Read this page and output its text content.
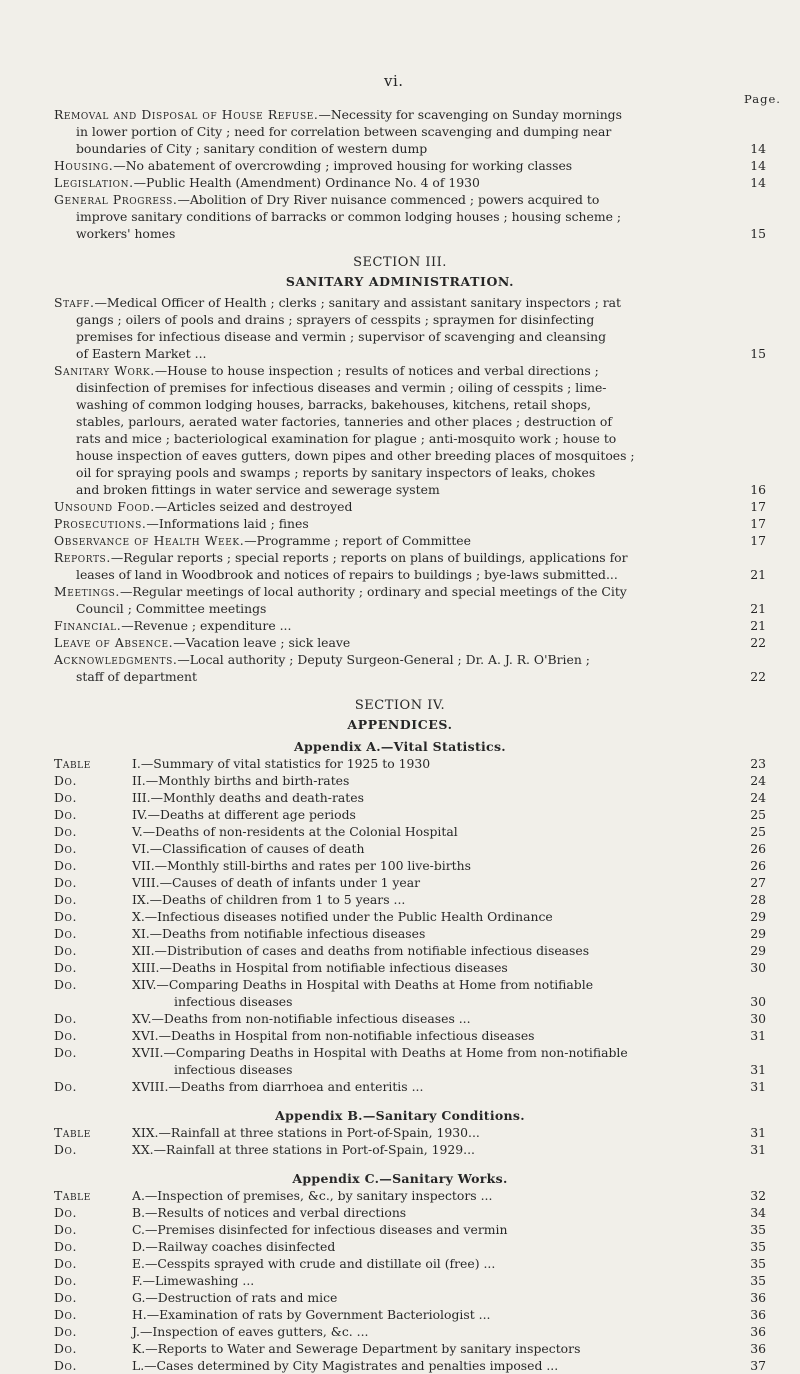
vi.
Page.
Removal and Disposal of House Refuse.—Necessity for scavenging on Sunday mornings
in lower portion of City ; need for correlation between scavenging and dumping near
boundaries of City ; sanitary condition of western dump	14
Housing.—No abatement of overcrowding ; improved housing for working classes	14
Legislation.—Public Health (Amendment) Ordinance No. 4 of 1930	14
General Progress.—Abolition of Dry River nuisance commenced ; powers acquired to
improve sanitary conditions of barracks or common lodging houses ; housing scheme ;
workers' homes	15
SECTION III.
SANITARY ADMINISTRATION.
Staff.—Medical Officer of Health ; clerks ; sanitary and assistant sanitary inspectors ; rat
gangs ; oilers of pools and drains ; sprayers of cesspits ; spraymen for disinfecting
premises for infectious disease and vermin ; supervisor of scavenging and cleansing
of Eastern Market ...	15
Sanitary Work.—House to house inspection ; results of notices and verbal directions ;
disinfection of premises for infectious diseases and vermin ; oiling of cesspits ; lime-
washing of common lodging houses, barracks, bakehouses, kitchens, retail shops,
stables, parlours, aerated water factories, tanneries and other places ; destruction of
rats and mice ; bacteriological examination for plague ; anti-mosquito work ; house to
house inspection of eaves gutters, down pipes and other breeding places of mosquitoes ;
oil for spraying pools and swamps ; reports by sanitary inspectors of leaks, chokes
and broken fittings in water service and sewerage system	16
Unsound Food.—Articles seized and destroyed	17
Prosecutions.—Informations laid ; fines	17
Observance of Health Week.—Programme ; report of Committee	17
Reports.—Regular reports ; special reports ; reports on plans of buildings, applications for
leases of land in Woodbrook and notices of repairs to buildings ; bye-laws submitted...	21
Meetings.—Regular meetings of local authority ; ordinary and special meetings of the City
Council ; Committee meetings	21
Financial.—Revenue ; expenditure ...	21
Leave of Absence.—Vacation leave ; sick leave	22
Acknowledgments.—Local authority ; Deputy Surgeon-General ; Dr. A. J. R. O'Brien ;
staff of department	22
SECTION IV.
APPENDICES.
Appendix A.—Vital Statistics.
Table	I.—Summary of vital statistics for 1925 to 1930	23
Do.	II.—Monthly births and birth-rates	24
Do.	III.—Monthly deaths and death-rates	24
Do.	IV.—Deaths at different age periods	25
Do.	V.—Deaths of non-residents at the Colonial Hospital	25
Do.	VI.—Classification of causes of death	26
Do.	VII.—Monthly still-births and rates per 100 live-births	26
Do.	VIII.—Causes of death of infants under 1 year	27
Do.	IX.—Deaths of children from 1 to 5 years ...	28
Do.	X.—Infectious diseases notified under the Public Health Ordinance	29
Do.	XI.—Deaths from notifiable infectious diseases	29
Do.	XII.—Distribution of cases and deaths from notifiable infectious diseases	29
Do.	XIII.—Deaths in Hospital from notifiable infectious diseases	30
Do.	XIV.—Comparing Deaths in Hospital with Deaths at Home from notifiable
infectious diseases	30
Do.	XV.—Deaths from non-notifiable infectious diseases ...	30
Do.	XVI.—Deaths in Hospital from non-notifiable infectious diseases	31
Do.	XVII.—Comparing Deaths in Hospital with Deaths at Home from non-notifiable
infectious diseases	31
Do.	XVIII.—Deaths from diarrhoea and enteritis ...	31
Appendix B.—Sanitary Conditions.
Table	XIX.—Rainfall at three stations in Port-of-Spain, 1930...	31
Do.	XX.—Rainfall at three stations in Port-of-Spain, 1929...	31
Appendix C.—Sanitary Works.
Table	A.—Inspection of premises, &c., by sanitary inspectors ...	32
Do.	B.—Results of notices and verbal directions	34
Do.	C.—Premises disinfected for infectious diseases and vermin	35
Do.	D.—Railway coaches disinfected	35
Do.	E.—Cesspits sprayed with crude and distillate oil (free) ...	35
Do.	F.—Limewashing ...	35
Do.	G.—Destruction of rats and mice	36
Do.	H.—Examination of rats by Government Bacteriologist ...	36
Do.	J.—Inspection of eaves gutters, &c. ...	36
Do.	K.—Reports to Water and Sewerage Department by sanitary inspectors	36
Do.	L.—Cases determined by City Magistrates and penalties imposed ...	37
